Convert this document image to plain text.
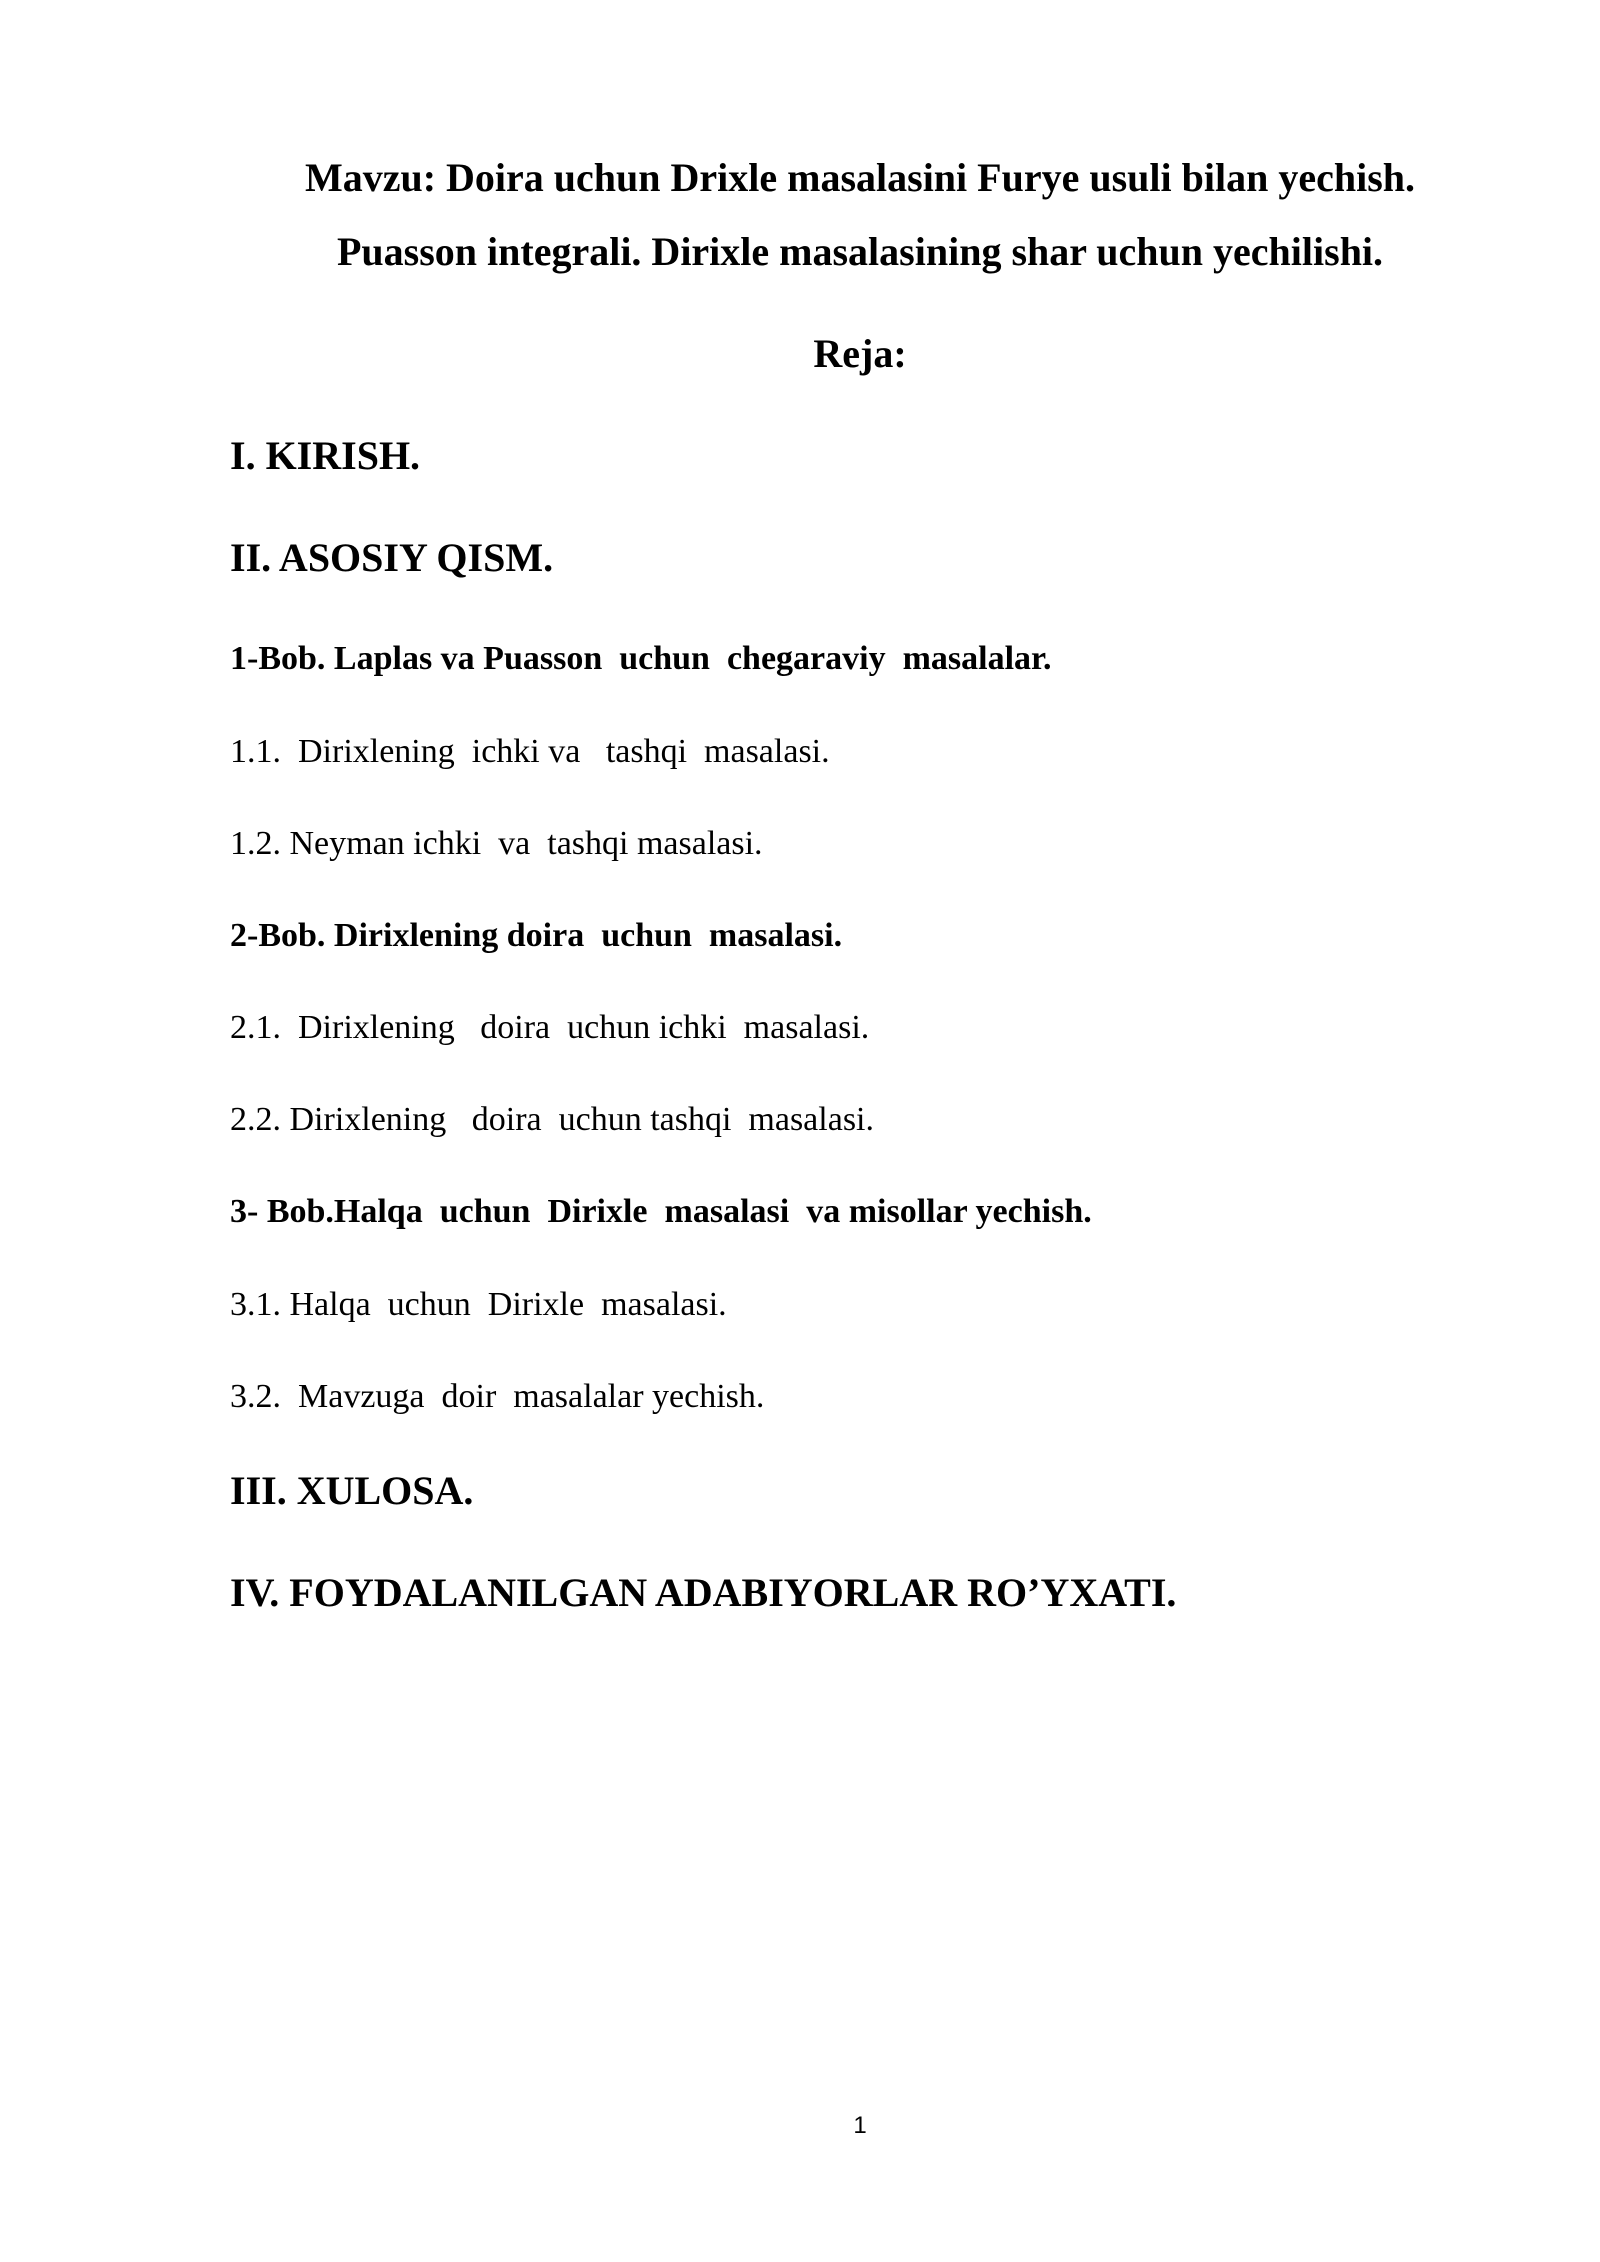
Mavzu: Doira uchun Drixle masalasini Furye usuli bilan yechish.
Puasson integrali. Dirixle masalasining shar uchun yechilishi.
Reja:
I. KIRISH.
II. ASOSIY QISM.
1-Bob. Laplas va Puasson  uchun  chegaraviy  masalalar.
1.1.  Dirixlening  ichki va   tashqi  masalasi.
1.2. Neyman ichki  va  tashqi masalasi.
2-Bob. Dirixlening doira  uchun  masalasi.
2.1.  Dirixlening   doira  uchun ichki  masalasi.
2.2. Dirixlening   doira  uchun tashqi  masalasi.
3- Bob.Halqa  uchun  Dirixle  masalasi  va misollar yechish.
3.1. Halqa  uchun  Dirixle  masalasi.
3.2.  Mavzuga  doir  masalalar yechish.
III. XULOSA.
IV. FOYDALANILGAN ADABIYORLAR RO’YXATI.
1
